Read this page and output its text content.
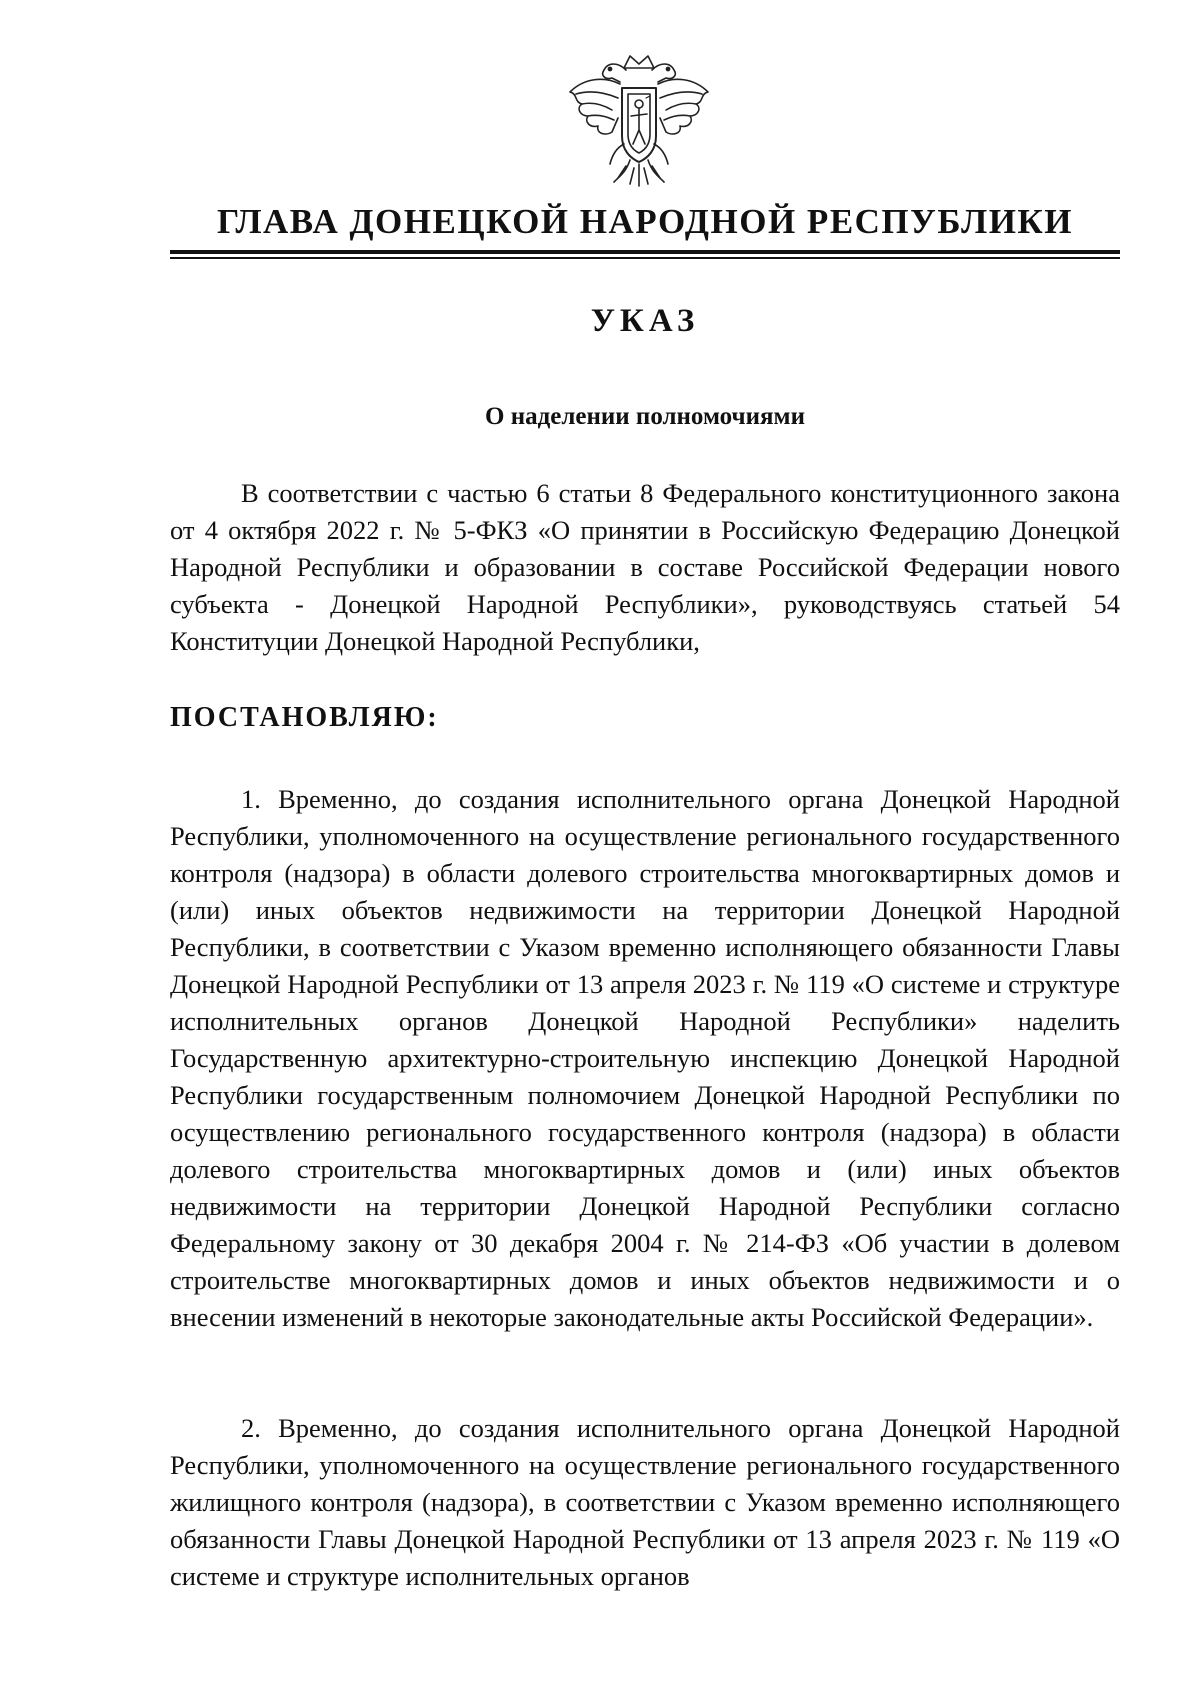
ГЛАВА ДОНЕЦКОЙ НАРОДНОЙ РЕСПУБЛИКИ
УКАЗ
О наделении полномочиями

В соответствии с частью 6 статьи 8 Федерального конституционного закона от 4 октября 2022 г. № 5-ФКЗ «О принятии в Российскую Федерацию Донецкой Народной Республики и образовании в составе Российской Федерации нового субъекта - Донецкой Народной Республики», руководствуясь статьей 54 Конституции Донецкой Народной Республики,

ПОСТАНОВЛЯЮ:

1. Временно, до создания исполнительного органа Донецкой Народной Республики, уполномоченного на осуществление регионального государственного контроля (надзора) в области долевого строительства многоквартирных домов и (или) иных объектов недвижимости на территории Донецкой Народной Республики, в соответствии с Указом временно исполняющего обязанности Главы Донецкой Народной Республики от 13 апреля 2023 г. № 119 «О системе и структуре исполнительных органов Донецкой Народной Республики» наделить Государственную архитектурно-строительную инспекцию Донецкой Народной Республики государственным полномочием Донецкой Народной Республики по осуществлению регионального государственного контроля (надзора) в области долевого строительства многоквартирных домов и (или) иных объектов недвижимости на территории Донецкой Народной Республики согласно Федеральному закону от 30 декабря 2004 г. № 214-ФЗ «Об участии в долевом строительстве многоквартирных домов и иных объектов недвижимости и о внесении изменений в некоторые законодательные акты Российской Федерации».

2. Временно, до создания исполнительного органа Донецкой Народной Республики, уполномоченного на осуществление регионального государственного жилищного контроля (надзора), в соответствии с Указом временно исполняющего обязанности Главы Донецкой Народной Республики от 13 апреля 2023 г. № 119 «О системе и структуре исполнительных органов
